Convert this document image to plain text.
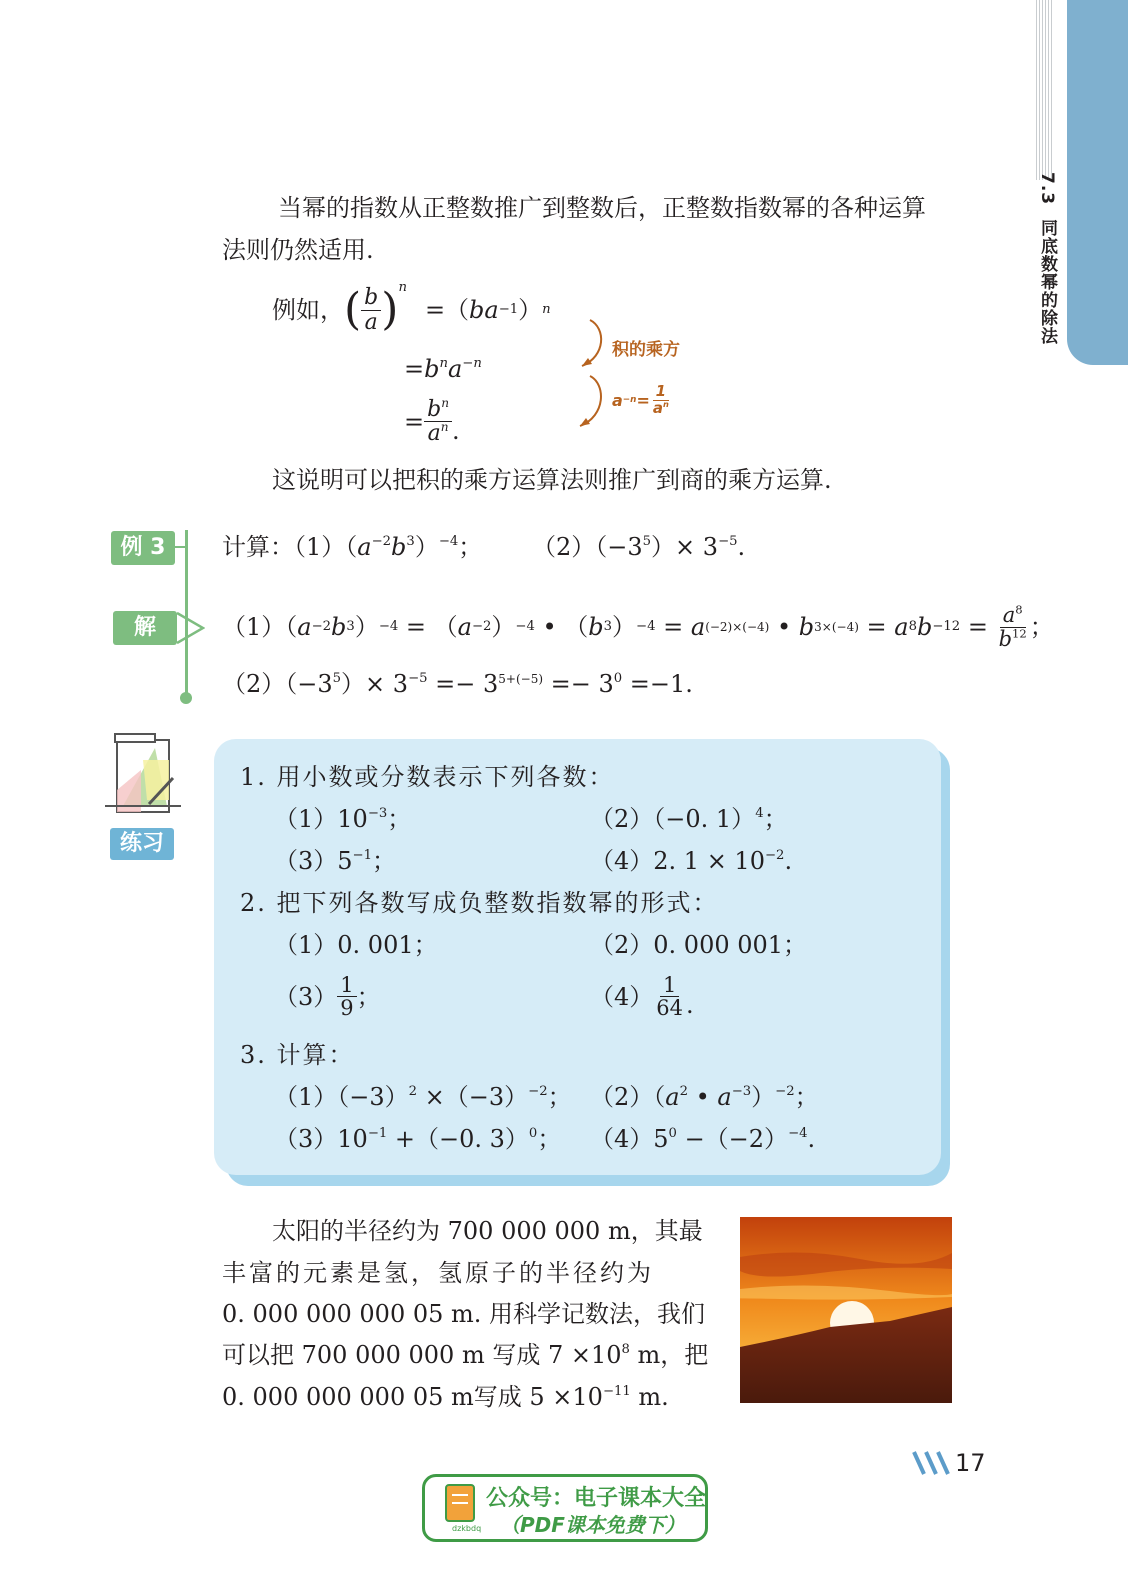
7.3  同底数幂的除法
当幂的指数从正整数推广到整数后，正整数指数幂的各种运算
法则仍然适用.
例如， ( $\frac{b}{a}$ ) n
=（ ba −1 ） n
$=b^na^{-n}$
= $\frac{b^n}{a^n}$ .
积的乘方
$a -n = \frac{1}{a^n}$
这说明可以把积的乘方运算法则推广到商的乘方运算.
例 3	计算：$(1)(a^{-2}b^3)^{-4}$； $(2)(-3^5)\times 3^{-5}$.
解	（1）（ a −2 b 3 ） −4 = （ a −2 ） −4 • （ b 3 ） −4 = a (−2)×(−4) • b 3×(−4) = a 8 $b -12 = \frac{a^8}{b^{12}}$ ；
$(2)(-3^5)\times 3^{-5} =- 3^{5+(-5)} =- 3^0 =-1$.
练习
1. 用小数或分数表示下列各数：
$(1)10^{-3}$；	（2）（−0. 1）$^4$；
$(3)5^{-1}$；	（4）2. $1 \times 10^{-2}$.
2. 把下列各数写成负整数指数幂的形式：
（1）0. 001；	（2）0. 000 001；
$(3) \frac{1}{9}$ ；	$(4) \frac{1}{64}$ .
3. 计算：
$(1)(-3)^2 \times(-3)^{-2}$； $(2)(a^2$ • $a^{-3})^{-2}$；
$(3)10^{-1} +(-0$. 3）$^0$； $(4)5^0 -(-2)^{-4}$.
太阳的半径约为 700 000 000 m，其最
丰富的元素是氢，氢原子的半径约为
0. 000 000 000 05 m. 用科学记数法，我们
可以把 700 000 000 m 写成 $7 \times 10^8$ m，把
0. 000 000 000 05 m写成 $5 \times 10^{-11}$ m.
17
dzkbdq
公众号：电子课本大全
（PDF课本免费下）
